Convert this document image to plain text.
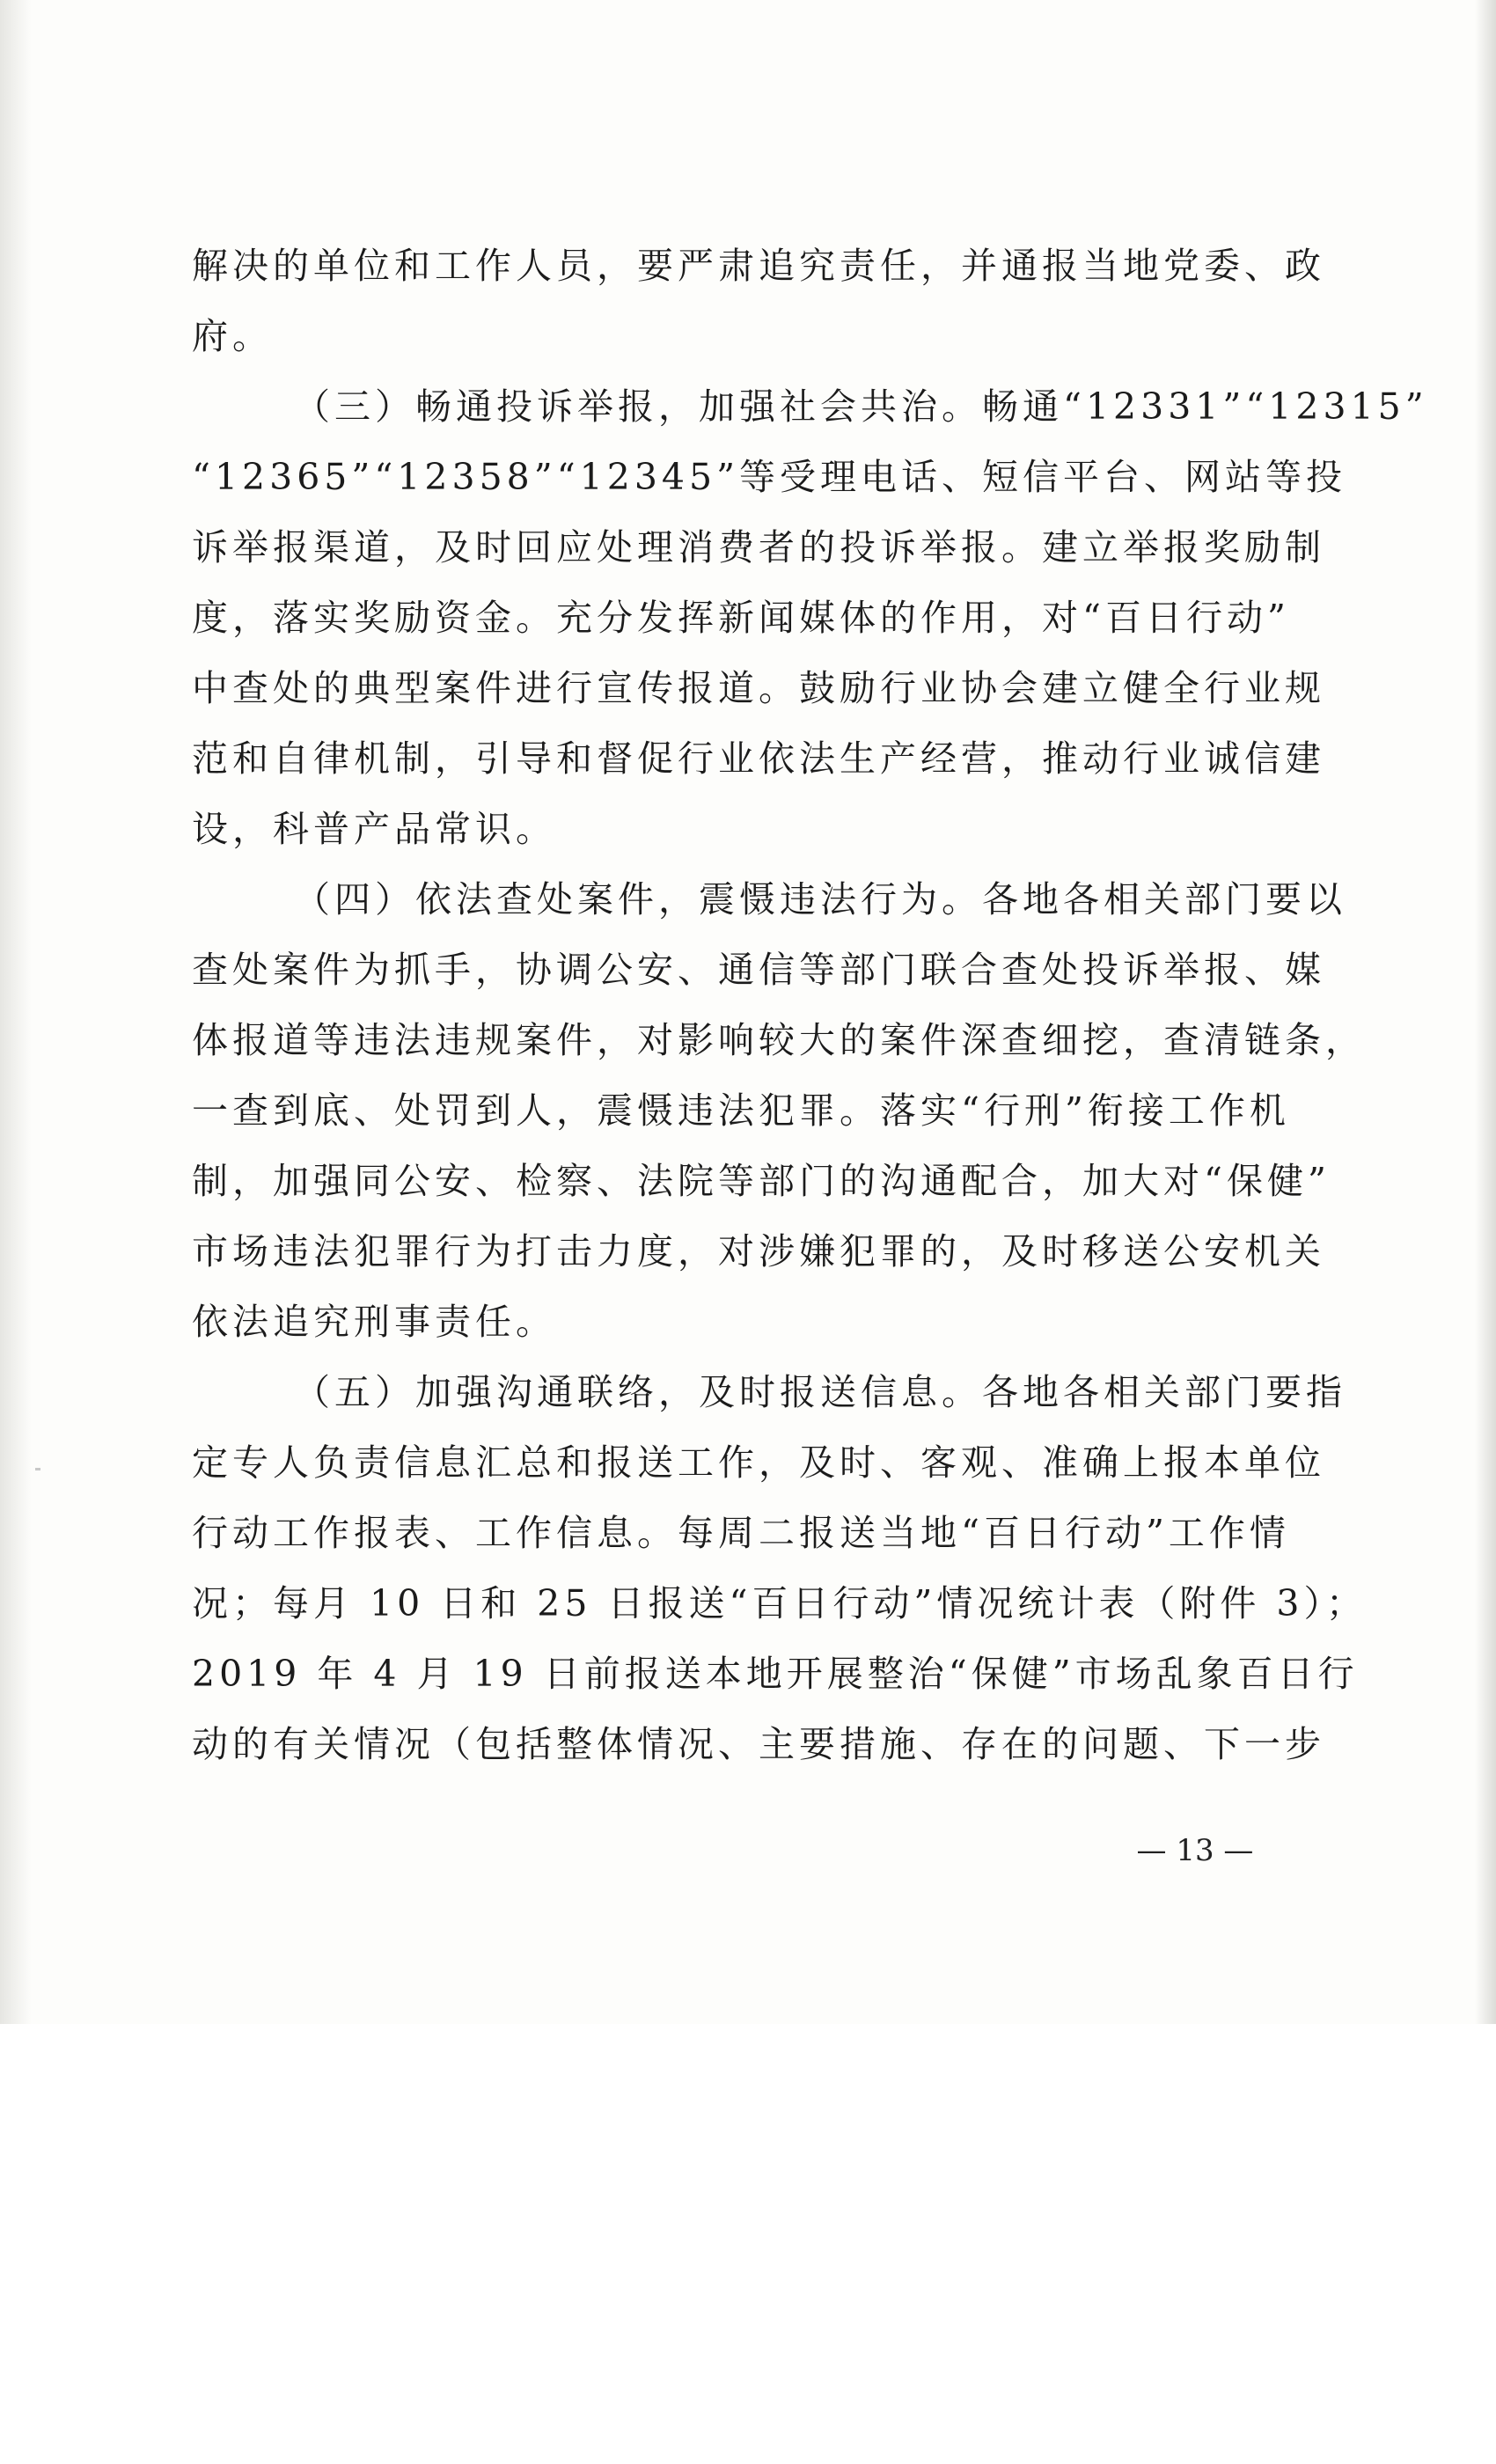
解决的单位和工作人员，要严肃追究责任，并通报当地党委、政
府。
（三）畅通投诉举报，加强社会共治。畅通“12331”“12315”
“12365”“12358”“12345”等受理电话、短信平台、网站等投
诉举报渠道，及时回应处理消费者的投诉举报。建立举报奖励制
度，落实奖励资金。充分发挥新闻媒体的作用，对“百日行动”
中查处的典型案件进行宣传报道。鼓励行业协会建立健全行业规
范和自律机制，引导和督促行业依法生产经营，推动行业诚信建
设，科普产品常识。
（四）依法查处案件，震慑违法行为。各地各相关部门要以
查处案件为抓手，协调公安、通信等部门联合查处投诉举报、媒
体报道等违法违规案件，对影响较大的案件深查细挖，查清链条，
一查到底、处罚到人，震慑违法犯罪。落实“行刑”衔接工作机
制，加强同公安、检察、法院等部门的沟通配合，加大对“保健”
市场违法犯罪行为打击力度，对涉嫌犯罪的，及时移送公安机关
依法追究刑事责任。
（五）加强沟通联络，及时报送信息。各地各相关部门要指
定专人负责信息汇总和报送工作，及时、客观、准确上报本单位
行动工作报表、工作信息。每周二报送当地“百日行动”工作情
况；每月 10 日和 25 日报送“百日行动”情况统计表（附件 3）；
2019 年 4 月 19 日前报送本地开展整治“保健”市场乱象百日行
动的有关情况（包括整体情况、主要措施、存在的问题、下一步
— 13 —
